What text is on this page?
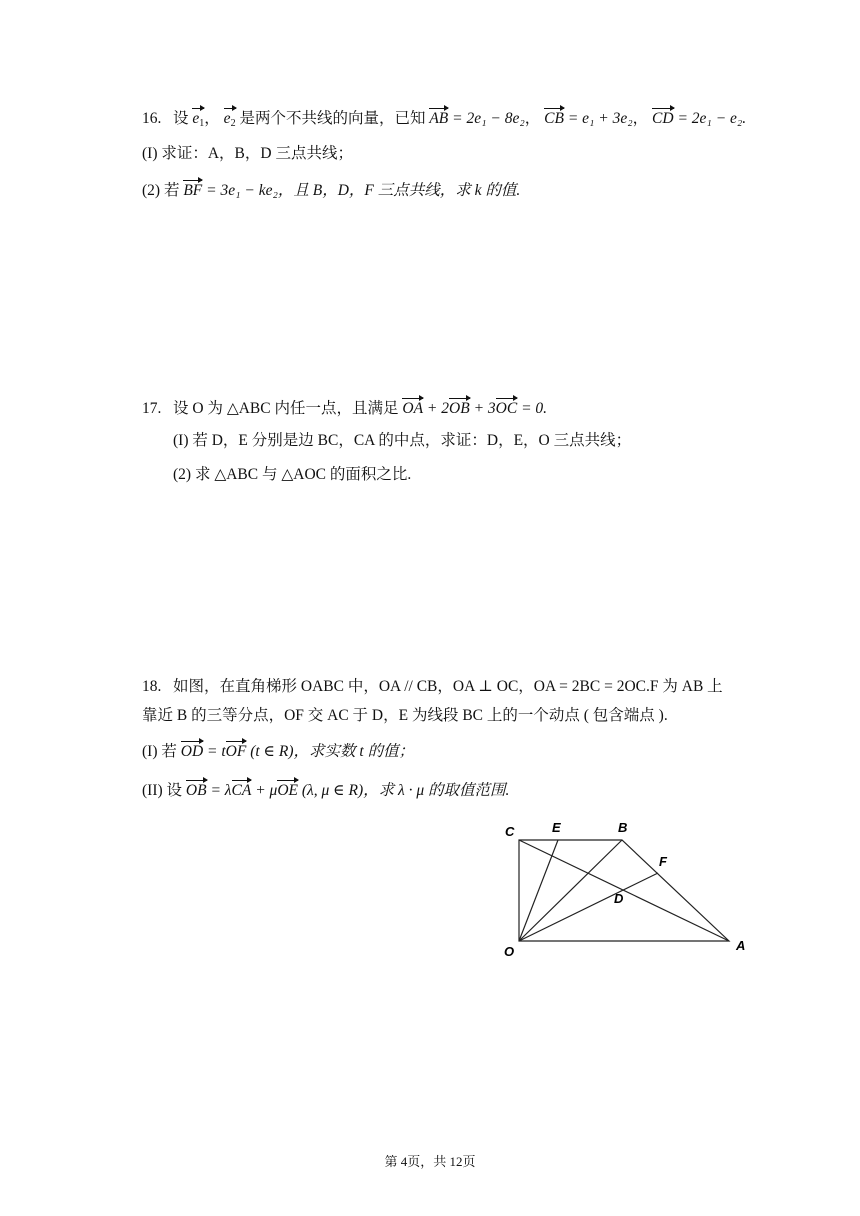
16. 设 $e_1$， $e_2$ 是两个不共线的向量，已知 AB = 2e₁ − 8e₂， CB = e₁ + 3e₂， CD = 2e₁ − e₂.
(I) 求证：A，B，D 三点共线；
(2) 若 BF = 3e₁ − ke₂，且 B，D，F 三点共线，求 k 的值.
17. 设 O 为 △ABC 内任一点，且满足 OA + 2OB + 3OC = 0.
(I) 若 D，E 分别是边 BC，CA 的中点，求证：D，E，O 三点共线；
(2) 求 △ABC 与 △AOC 的面积之比.
18. 如图，在直角梯形 OABC 中，OA // CB，OA ⊥ OC，OA = 2BC = 2OC.F 为 AB 上
靠近 B 的三等分点，OF 交 AC 于 D，E 为线段 BC 上的一个动点 ( 包含端点 ).
(I) 若 OD = tOF (t ∈ R)，求实数 t 的值；
(II) 设 OB = λCA + μOE (λ, μ ∈ R)，求 λ · μ 的取值范围.
C	E	B
F
D
O	A
第 4页，共 12页
